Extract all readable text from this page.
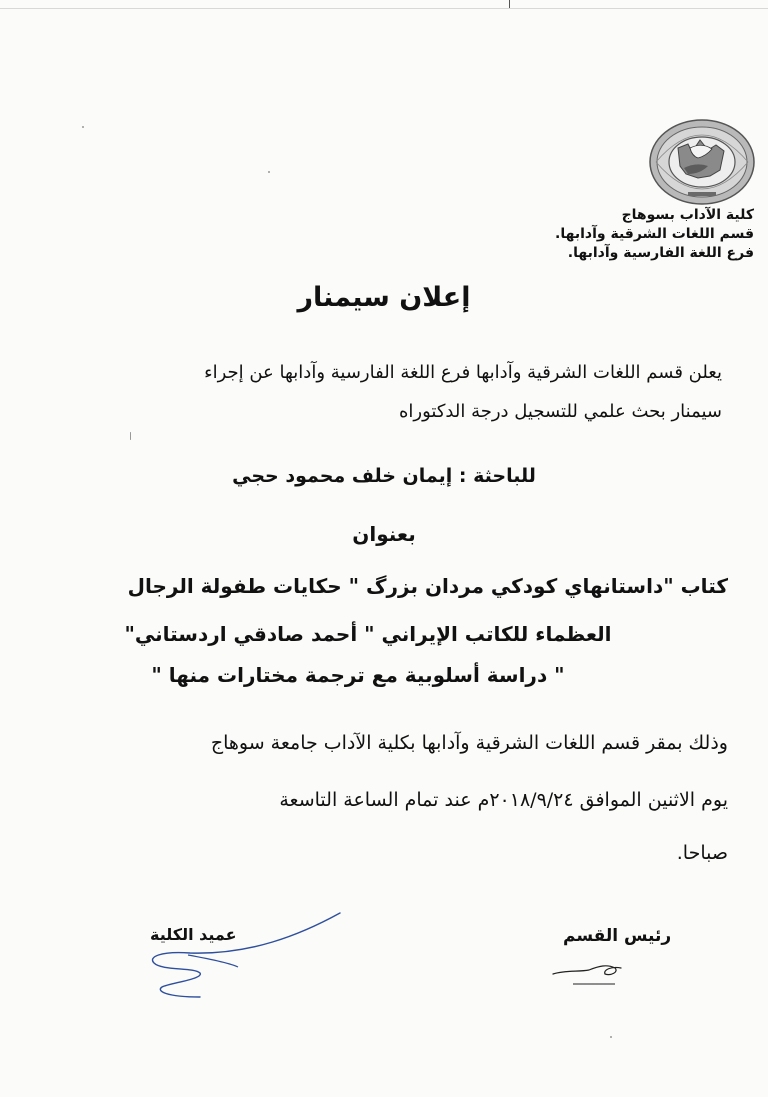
كلية الآداب بسوهاج
قسم اللغات الشرقية وآدابها.
فرع اللغة الفارسية وآدابها.
إعلان سيمنار
يعلن قسم اللغات الشرقية وآدابها فرع اللغة الفارسية وآدابها عن إجراء
سيمنار بحث علمي للتسجيل درجة الدكتوراه
للباحثة : إيمان خلف محمود حجي
بعنوان
كتاب "داستانهاي كودكي مردان بزرگ " حكايات طفولة الرجال
العظماء للكاتب الإيراني " أحمد صادقي اردستاني"
" دراسة أسلوبية مع ترجمة مختارات منها "
وذلك بمقر قسم اللغات الشرقية وآدابها بكلية الآداب جامعة سوهاج
يوم الاثنين الموافق ٢٠١٨/٩/٢٤م عند تمام الساعة التاسعة
صباحا.
عميد الكلية	رئيس القسم
